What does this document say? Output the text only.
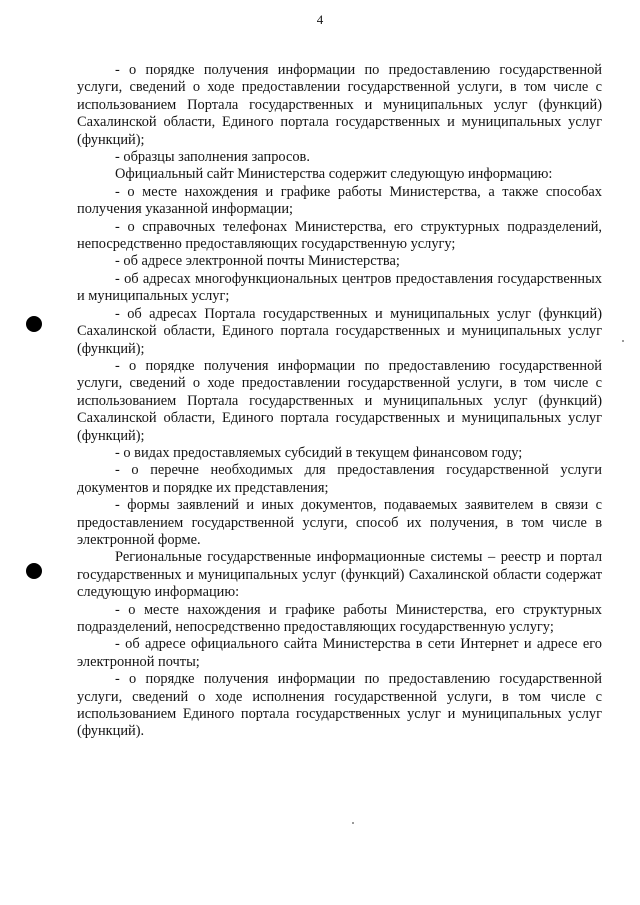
4

- о порядке получения информации по предоставлению государственной услуги, сведений о ходе предоставлении государственной услуги, в том числе с использованием Портала государственных и муниципальных услуг (функций) Сахалинской области, Единого портала государственных и муниципальных услуг (функций);

- образцы заполнения запросов.

Официальный сайт Министерства содержит следующую информацию:

- о месте нахождения и графике работы Министерства, а также способах получения указанной информации;

- о справочных телефонах Министерства, его структурных подразделений, непосредственно предоставляющих государственную услугу;

- об адресе электронной почты Министерства;

- об адресах многофункциональных центров предоставления государственных и муниципальных услуг;

- об адресах Портала государственных и муниципальных услуг (функций) Сахалинской области, Единого портала государственных и муниципальных услуг (функций);

- о порядке получения информации по предоставлению государственной услуги, сведений о ходе предоставлении государственной услуги, в том числе с использованием Портала государственных и муниципальных услуг (функций) Сахалинской области, Единого портала государственных и муниципальных услуг (функций);

- о видах предоставляемых субсидий в текущем финансовом году;

- о перечне необходимых для предоставления государственной услуги документов и порядке их представления;

- формы заявлений и иных документов, подаваемых заявителем в связи с предоставлением государственной услуги, способ их получения, в том числе в электронной форме.

Региональные государственные информационные системы – реестр и портал государственных и муниципальных услуг (функций) Сахалинской области содержат следующую информацию:

- о месте нахождения и графике работы Министерства, его структурных подразделений, непосредственно предоставляющих государственную услугу;

- об адресе официального сайта Министерства в сети Интернет и адресе его электронной почты;

- о порядке получения информации по предоставлению государственной услуги, сведений о ходе исполнения государственной услуги, в том числе с использованием Единого портала государственных услуг и муниципальных услуг (функций).
